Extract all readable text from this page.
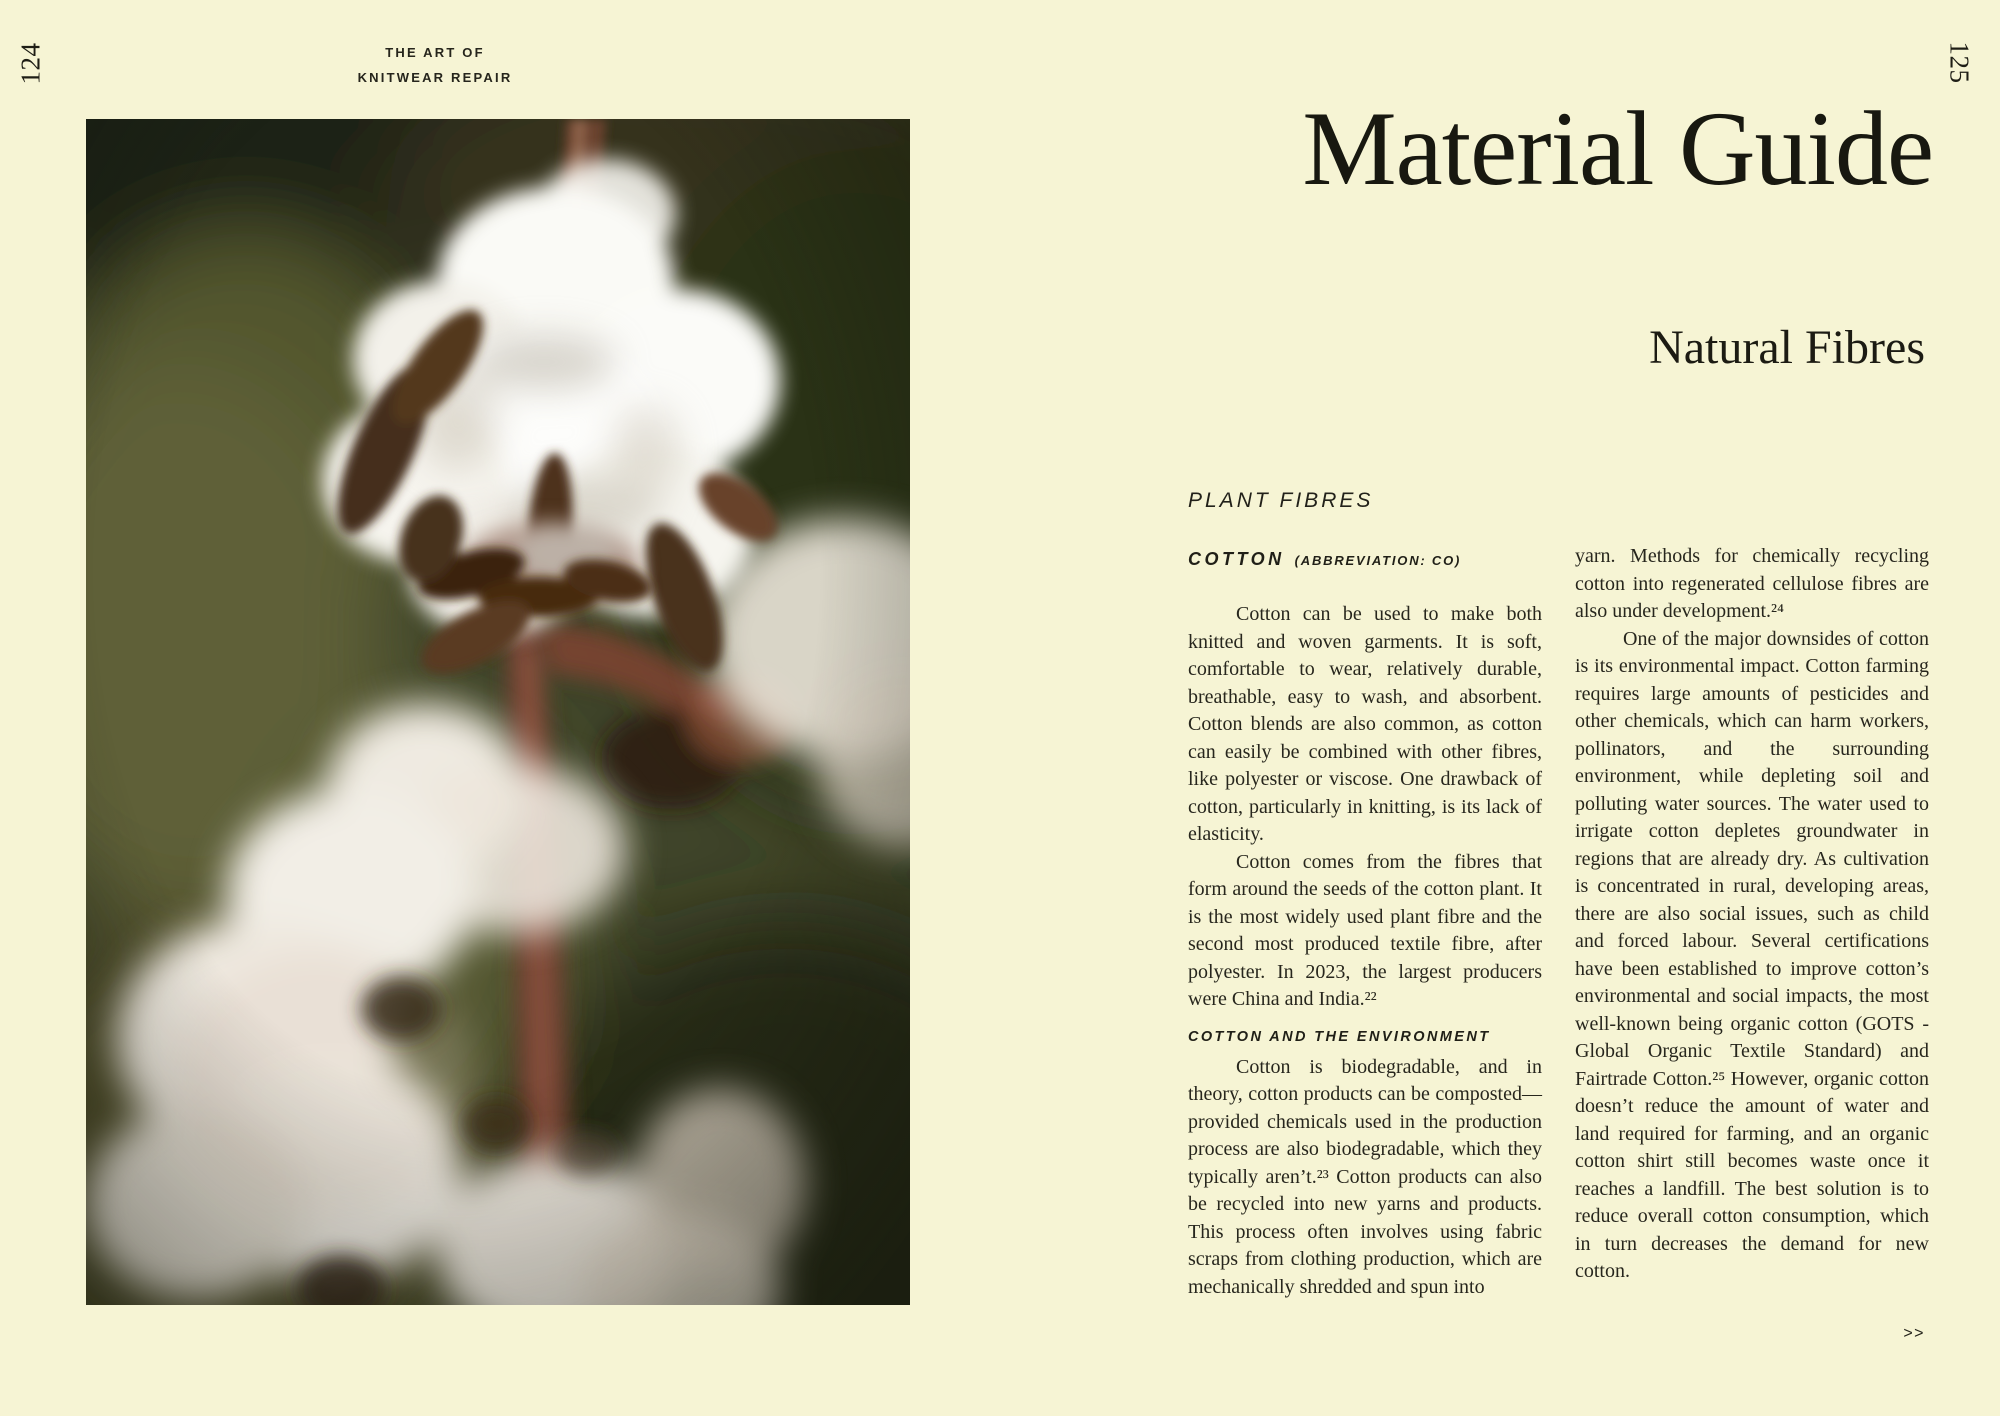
124	THE ART OF
KNITWEAR REPAIR	125
Material Guide
Natural Fibres
PLANT FIBRES
COTTON (ABBREVIATION: CO)

Cotton can be used to make both knitted and woven garments. It is soft, comfortable to wear, relatively durable, breathable, easy to wash, and absorbent. Cotton blends are also common, as cotton can easily be combined with other fibres, like polyester or viscose. One drawback of cotton, particularly in knitting, is its lack of elasticity.

Cotton comes from the fibres that form around the seeds of the cotton plant. It is the most widely used plant fibre and the second most produced textile fibre, after polyester. In 2023, the largest producers were China and India.²²

COTTON AND THE ENVIRONMENT

Cotton is biodegradable, and in theory, cotton products can be composted—provided chemicals used in the production process are also biodegradable, which they typically aren’t.²³ Cotton products can also be recycled into new yarns and products. This process often involves using fabric scraps from clothing production, which are mechanically shredded and spun into

yarn. Methods for chemically recycling cotton into regenerated cellulose fibres are also under development.²⁴

One of the major downsides of cotton is its environmental impact. Cotton farming requires large amounts of pesticides and other chemicals, which can harm workers, pollinators, and the surrounding environment, while depleting soil and polluting water sources. The water used to irrigate cotton depletes groundwater in regions that are already dry. As cultivation is concentrated in rural, developing areas, there are also social issues, such as child and forced labour. Several certifications have been established to improve cotton’s environmental and social impacts, the most well-known being organic cotton (GOTS - Global Organic Textile Standard) and Fairtrade Cotton.²⁵ However, organic cotton doesn’t reduce the amount of water and land required for farming, and an organic cotton shirt still becomes waste once it reaches a landfill. The best solution is to reduce overall cotton consumption, which in turn decreases the demand for new cotton.

>>
